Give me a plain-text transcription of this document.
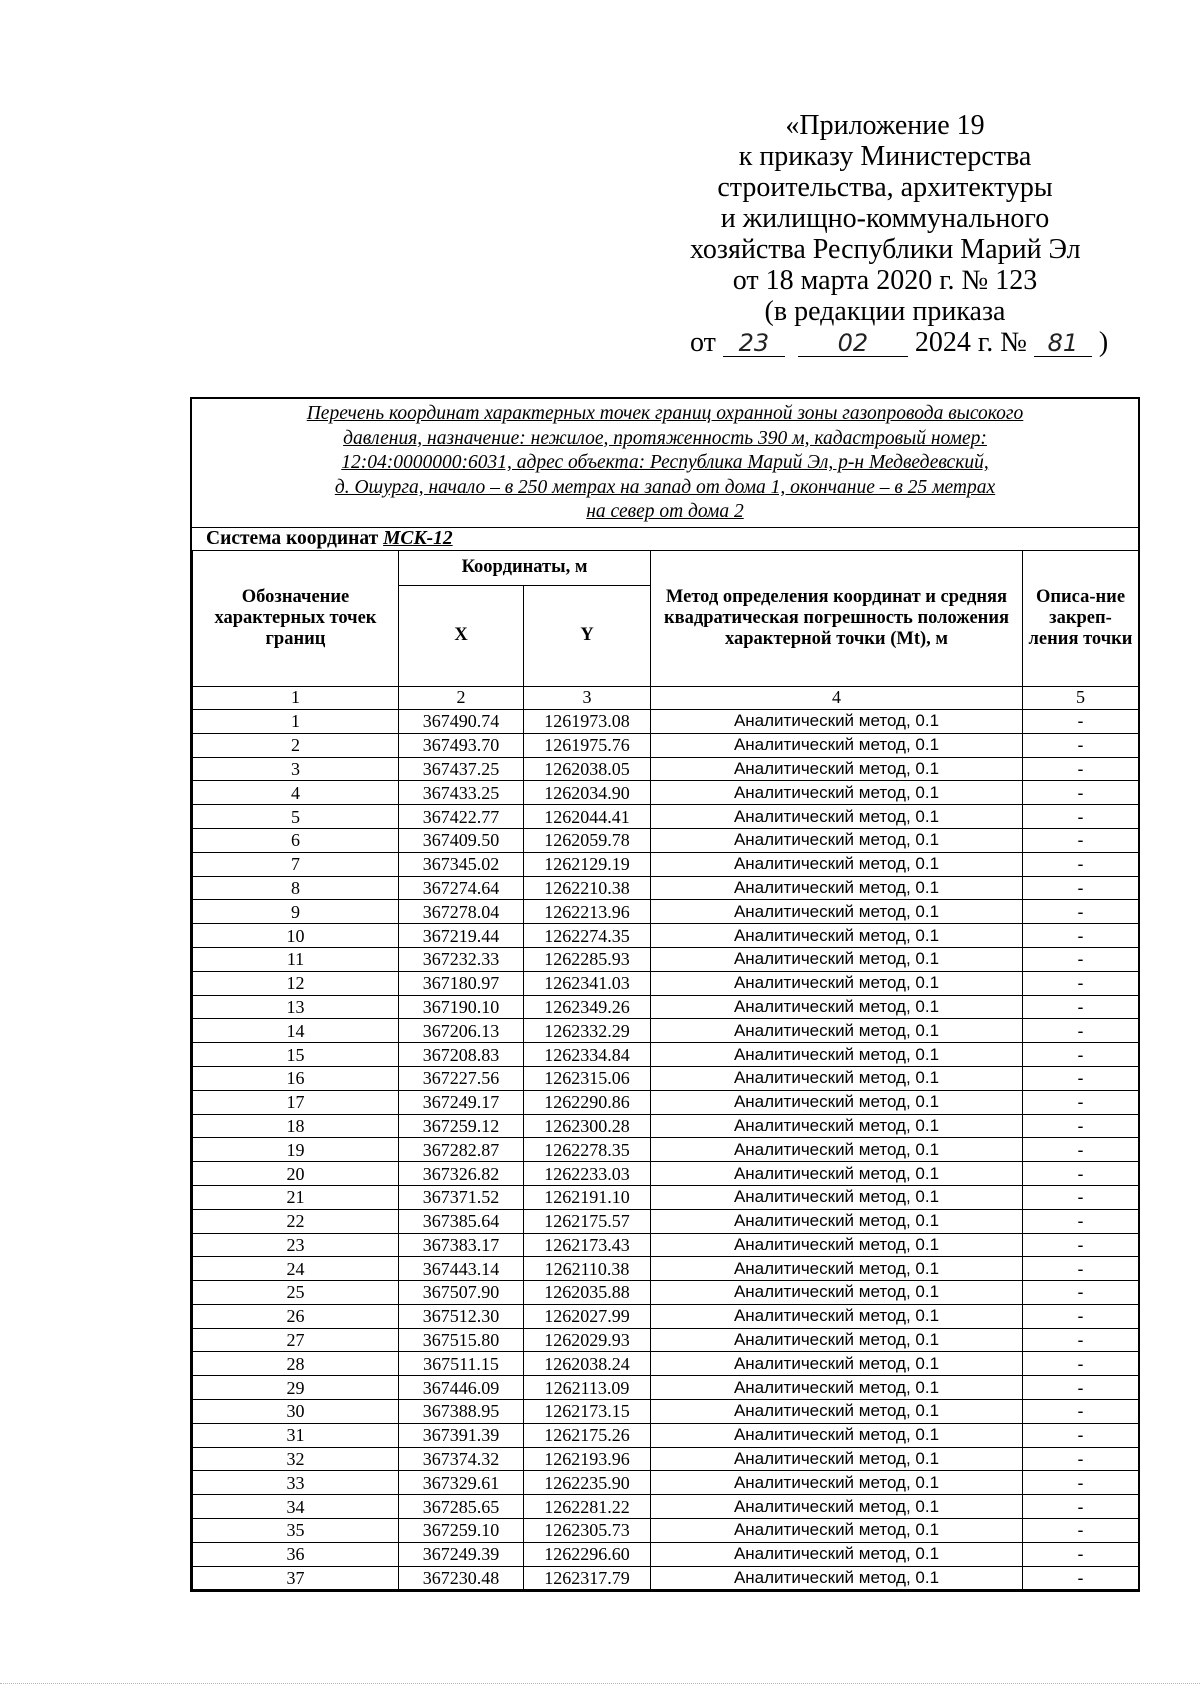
«Приложение 19
к приказу Министерства
строительства, архитектуры
и жилищно-коммунального
хозяйства Республики Марий Эл
от 18 марта 2020 г. № 123
(в редакции приказа
от 23	02 2024 г. № 81 )
Перечень координат характерных точек границ охранной зоны газопровода высокого
давления, назначение: нежилое, протяженность 390 м, кадастровый номер:
12:04:0000000:6031, адрес объекта: Республика Марий Эл, р-н Медведевский,
д. Ошурга, начало – в 250 метрах на запад от дома 1, окончание – в 25 метрах
на север от дома 2
Система координат МСК-12
Обозначение характерных точек границ	Координаты, м		Метод определения координат и средняя квадратическая погрешность положения характерной точки (Mt), м	Описа-ние закреп-ления точки
	X	Y		
1	2	3	4	5
1	367490.74	1261973.08	Аналитический метод, 0.1	-
2	367493.70	1261975.76	Аналитический метод, 0.1	-
3	367437.25	1262038.05	Аналитический метод, 0.1	-
4	367433.25	1262034.90	Аналитический метод, 0.1	-
5	367422.77	1262044.41	Аналитический метод, 0.1	-
6	367409.50	1262059.78	Аналитический метод, 0.1	-
7	367345.02	1262129.19	Аналитический метод, 0.1	-
8	367274.64	1262210.38	Аналитический метод, 0.1	-
9	367278.04	1262213.96	Аналитический метод, 0.1	-
10	367219.44	1262274.35	Аналитический метод, 0.1	-
11	367232.33	1262285.93	Аналитический метод, 0.1	-
12	367180.97	1262341.03	Аналитический метод, 0.1	-
13	367190.10	1262349.26	Аналитический метод, 0.1	-
14	367206.13	1262332.29	Аналитический метод, 0.1	-
15	367208.83	1262334.84	Аналитический метод, 0.1	-
16	367227.56	1262315.06	Аналитический метод, 0.1	-
17	367249.17	1262290.86	Аналитический метод, 0.1	-
18	367259.12	1262300.28	Аналитический метод, 0.1	-
19	367282.87	1262278.35	Аналитический метод, 0.1	-
20	367326.82	1262233.03	Аналитический метод, 0.1	-
21	367371.52	1262191.10	Аналитический метод, 0.1	-
22	367385.64	1262175.57	Аналитический метод, 0.1	-
23	367383.17	1262173.43	Аналитический метод, 0.1	-
24	367443.14	1262110.38	Аналитический метод, 0.1	-
25	367507.90	1262035.88	Аналитический метод, 0.1	-
26	367512.30	1262027.99	Аналитический метод, 0.1	-
27	367515.80	1262029.93	Аналитический метод, 0.1	-
28	367511.15	1262038.24	Аналитический метод, 0.1	-
29	367446.09	1262113.09	Аналитический метод, 0.1	-
30	367388.95	1262173.15	Аналитический метод, 0.1	-
31	367391.39	1262175.26	Аналитический метод, 0.1	-
32	367374.32	1262193.96	Аналитический метод, 0.1	-
33	367329.61	1262235.90	Аналитический метод, 0.1	-
34	367285.65	1262281.22	Аналитический метод, 0.1	-
35	367259.10	1262305.73	Аналитический метод, 0.1	-
36	367249.39	1262296.60	Аналитический метод, 0.1	-
37	367230.48	1262317.79	Аналитический метод, 0.1	-
